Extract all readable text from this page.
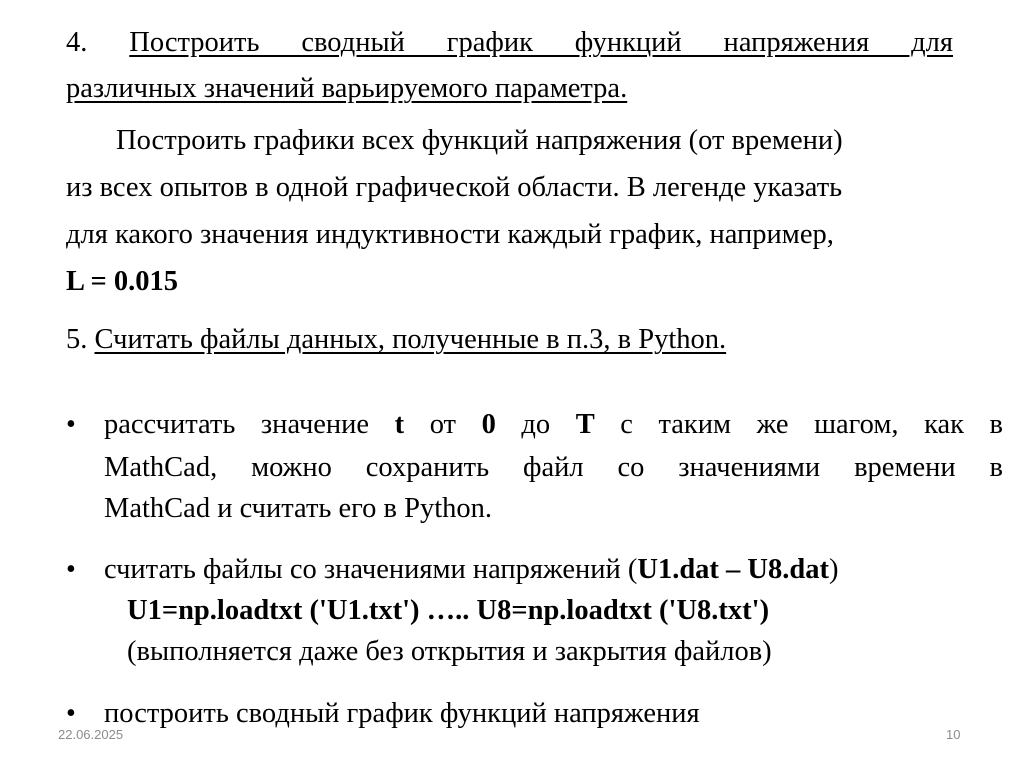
4. Построить сводный график функций напряжения для
различных значений варьируемого параметра.
Построить графики всех функций напряжения (от времени)
из всех опытов в одной графической области. В легенде указать
для какого значения индуктивности каждый график, например,
L = 0.015
5. Считать файлы данных, полученные в п.3, в Python.
• рассчитать значение t от 0 до T с таким же шагом, как в
MathCad, можно сохранить файл со значениями времени в
MathCad и считать его в Python.
• считать файлы со значениями напряжений (U1.dat – U8.dat)
U1=np.loadtxt ('U1.txt') ….. U8=np.loadtxt ('U8.txt')
(выполняется даже без открытия и закрытия файлов)
• построить сводный график функций напряжения
22.06.2025	10
